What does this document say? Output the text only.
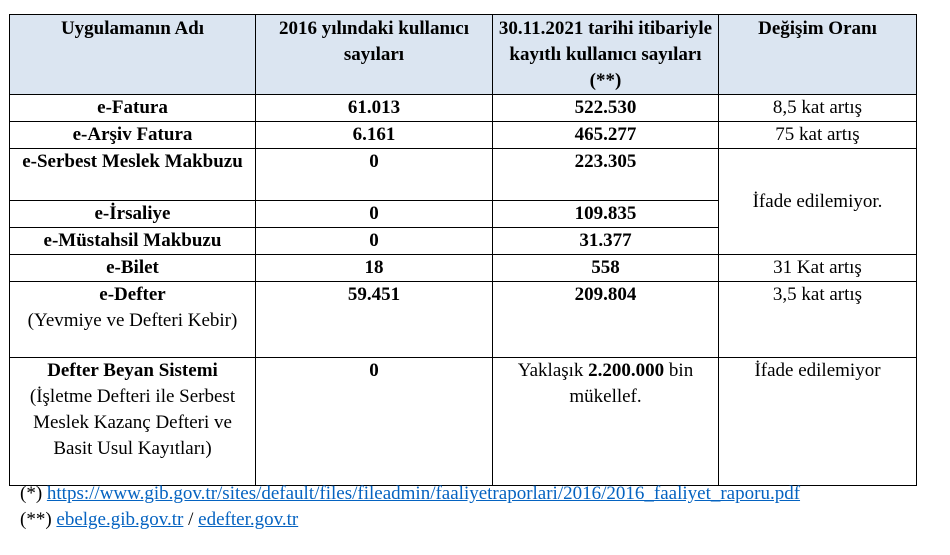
Uygulamanın Adı	2016 yılındaki kullanıcı sayıları	30.11.2021 tarihi itibariyle kayıtlı kullanıcı sayıları (**)	Değişim Oranı
e-Fatura	61.013	522.530	8,5 kat artış
e-Arşiv Fatura	6.161	465.277	75 kat artış
e-Serbest Meslek Makbuzu	0	223.305	İfade edilemiyor.
e-İrsaliye	0	109.835	
e-Müstahsil Makbuzu	0	31.377	
e-Bilet	18	558	31 Kat artış

e-Defter
(Yevmiye ve Defteri Kebir)	59.451	209.804	3,5 kat artış

Defter Beyan Sistemi
(İşletme Defteri ile Serbest Meslek Kazanç Defteri ve Basit Usul Kayıtları)	0	Yaklaşık 2.200.000 bin mükellef.	İfade edilemiyor
(*) https://www.gib.gov.tr/sites/default/files/fileadmin/faaliyetraporlari/2016/2016_faaliyet_raporu.pdf
(**) ebelge.gib.gov.tr / edefter.gov.tr
